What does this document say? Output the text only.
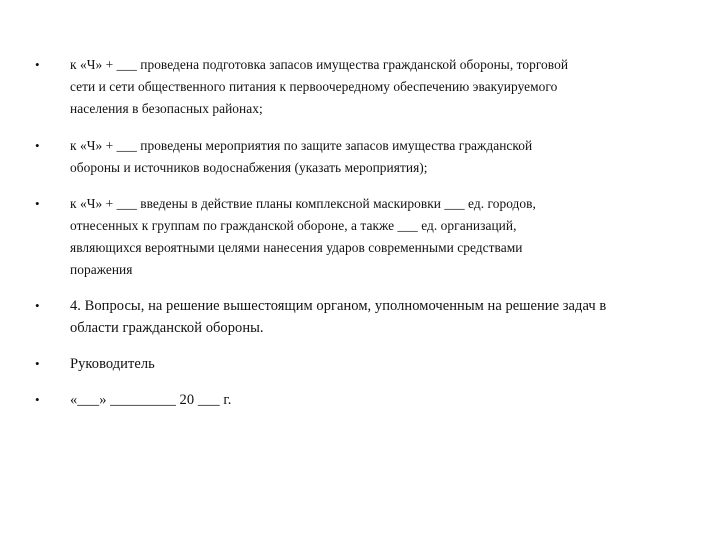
• к «Ч» + ___ проведена подготовка запасов имущества гражданской обороны, торговой
сети и сети общественного питания к первоочередному обеспечению эвакуируемого
населения в безопасных районах;
• к «Ч» + ___ проведены мероприятия по защите запасов имущества гражданской
обороны и источников водоснабжения (указать мероприятия);
• к «Ч» + ___ введены в действие планы комплексной маскировки ___ ед. городов,
отнесенных к группам по гражданской обороне, а также ___ ед. организаций,
являющихся вероятными целями нанесения ударов современными средствами
поражения
• 4. Вопросы, на решение вышестоящим органом, уполномоченным на решение задач в
области гражданской обороны.
• Руководитель
• «___» _________ 20 ___ г.
